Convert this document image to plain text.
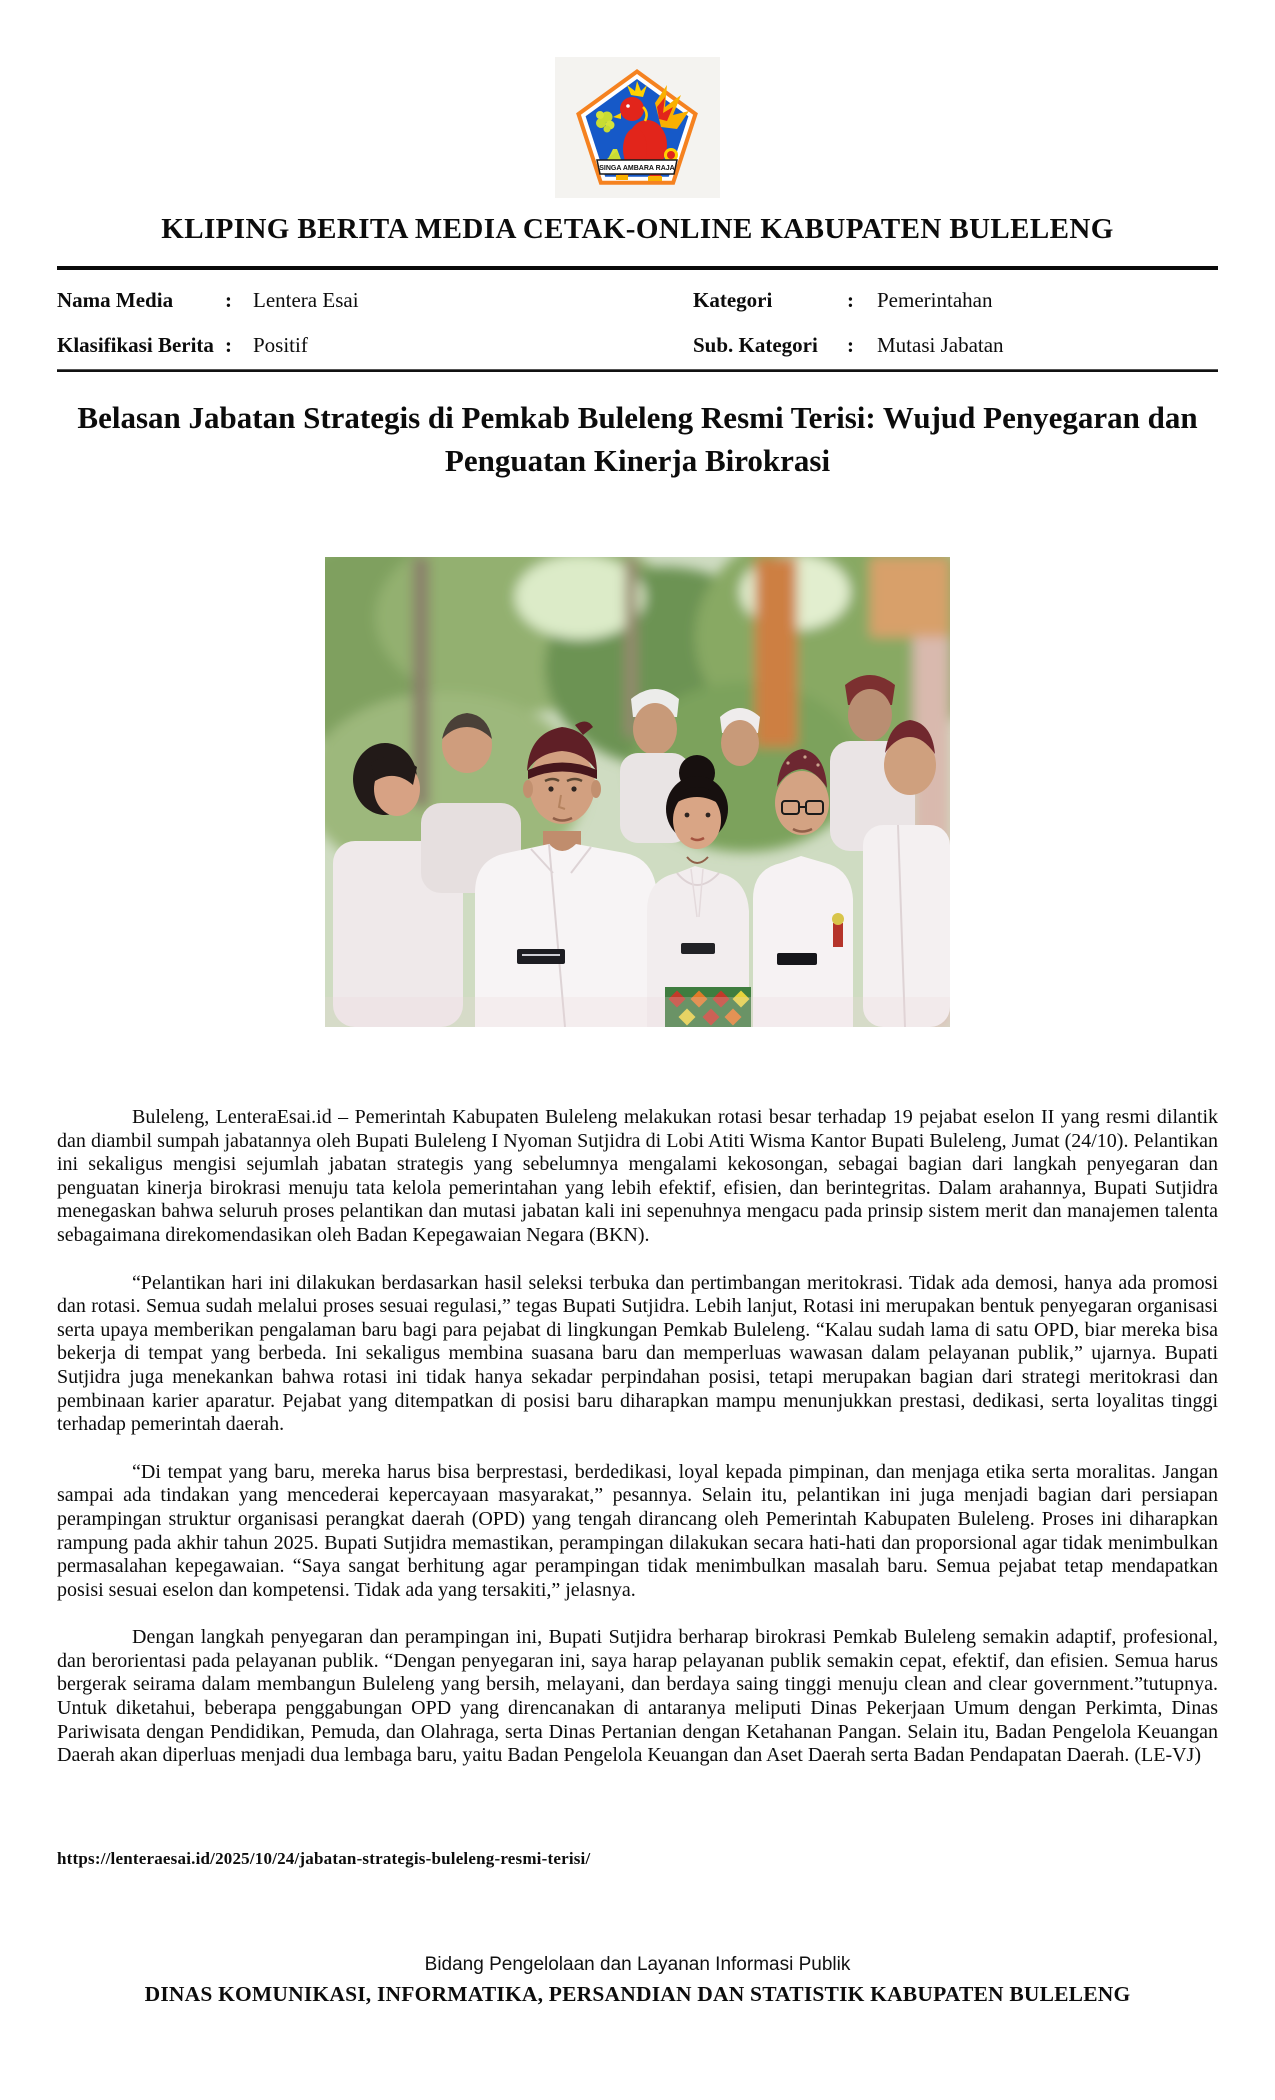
SINGA AMBARA RAJA
KLIPING BERITA MEDIA CETAK-ONLINE KABUPATEN BULELENG
Nama Media : Lentera Esai	Kategori	: Pemerintahan
Klasifikasi Berita : Positif	Sub. Kategori : Mutasi Jabatan
Belasan Jabatan Strategis di Pemkab Buleleng Resmi Terisi: Wujud Penyegaran dan Penguatan Kinerja Birokrasi

Buleleng, LenteraEsai.id – Pemerintah Kabupaten Buleleng melakukan rotasi besar terhadap 19 pejabat eselon II yang resmi dilantik dan diambil sumpah jabatannya oleh Bupati Buleleng I Nyoman Sutjidra di Lobi Atiti Wisma Kantor Bupati Buleleng, Jumat (24/10). Pelantikan ini sekaligus mengisi sejumlah jabatan strategis yang sebelumnya mengalami kekosongan, sebagai bagian dari langkah penyegaran dan penguatan kinerja birokrasi menuju tata kelola pemerintahan yang lebih efektif, efisien, dan berintegritas. Dalam arahannya, Bupati Sutjidra menegaskan bahwa seluruh proses pelantikan dan mutasi jabatan kali ini sepenuhnya mengacu pada prinsip sistem merit dan manajemen talenta sebagaimana direkomendasikan oleh Badan Kepegawaian Negara (BKN).

“Pelantikan hari ini dilakukan berdasarkan hasil seleksi terbuka dan pertimbangan meritokrasi. Tidak ada demosi, hanya ada promosi dan rotasi. Semua sudah melalui proses sesuai regulasi,” tegas Bupati Sutjidra. Lebih lanjut, Rotasi ini merupakan bentuk penyegaran organisasi serta upaya memberikan pengalaman baru bagi para pejabat di lingkungan Pemkab Buleleng. “Kalau sudah lama di satu OPD, biar mereka bisa bekerja di tempat yang berbeda. Ini sekaligus membina suasana baru dan memperluas wawasan dalam pelayanan publik,” ujarnya. Bupati Sutjidra juga menekankan bahwa rotasi ini tidak hanya sekadar perpindahan posisi, tetapi merupakan bagian dari strategi meritokrasi dan pembinaan karier aparatur. Pejabat yang ditempatkan di posisi baru diharapkan mampu menunjukkan prestasi, dedikasi, serta loyalitas tinggi terhadap pemerintah daerah.

“Di tempat yang baru, mereka harus bisa berprestasi, berdedikasi, loyal kepada pimpinan, dan menjaga etika serta moralitas. Jangan sampai ada tindakan yang mencederai kepercayaan masyarakat,” pesannya. Selain itu, pelantikan ini juga menjadi bagian dari persiapan perampingan struktur organisasi perangkat daerah (OPD) yang tengah dirancang oleh Pemerintah Kabupaten Buleleng. Proses ini diharapkan rampung pada akhir tahun 2025. Bupati Sutjidra memastikan, perampingan dilakukan secara hati-hati dan proporsional agar tidak menimbulkan permasalahan kepegawaian. “Saya sangat berhitung agar perampingan tidak menimbulkan masalah baru. Semua pejabat tetap mendapatkan posisi sesuai eselon dan kompetensi. Tidak ada yang tersakiti,” jelasnya.

Dengan langkah penyegaran dan perampingan ini, Bupati Sutjidra berharap birokrasi Pemkab Buleleng semakin adaptif, profesional, dan berorientasi pada pelayanan publik. “Dengan penyegaran ini, saya harap pelayanan publik semakin cepat, efektif, dan efisien. Semua harus bergerak seirama dalam membangun Buleleng yang bersih, melayani, dan berdaya saing tinggi menuju clean and clear government.”tutupnya. Untuk diketahui, beberapa penggabungan OPD yang direncanakan di antaranya meliputi Dinas Pekerjaan Umum dengan Perkimta, Dinas Pariwisata dengan Pendidikan, Pemuda, dan Olahraga, serta Dinas Pertanian dengan Ketahanan Pangan. Selain itu, Badan Pengelola Keuangan Daerah akan diperluas menjadi dua lembaga baru, yaitu Badan Pengelola Keuangan dan Aset Daerah serta Badan Pendapatan Daerah. (LE-VJ)

https://lenteraesai.id/2025/10/24/jabatan-strategis-buleleng-resmi-terisi/
Bidang Pengelolaan dan Layanan Informasi Publik
DINAS KOMUNIKASI, INFORMATIKA, PERSANDIAN DAN STATISTIK KABUPATEN BULELENG
